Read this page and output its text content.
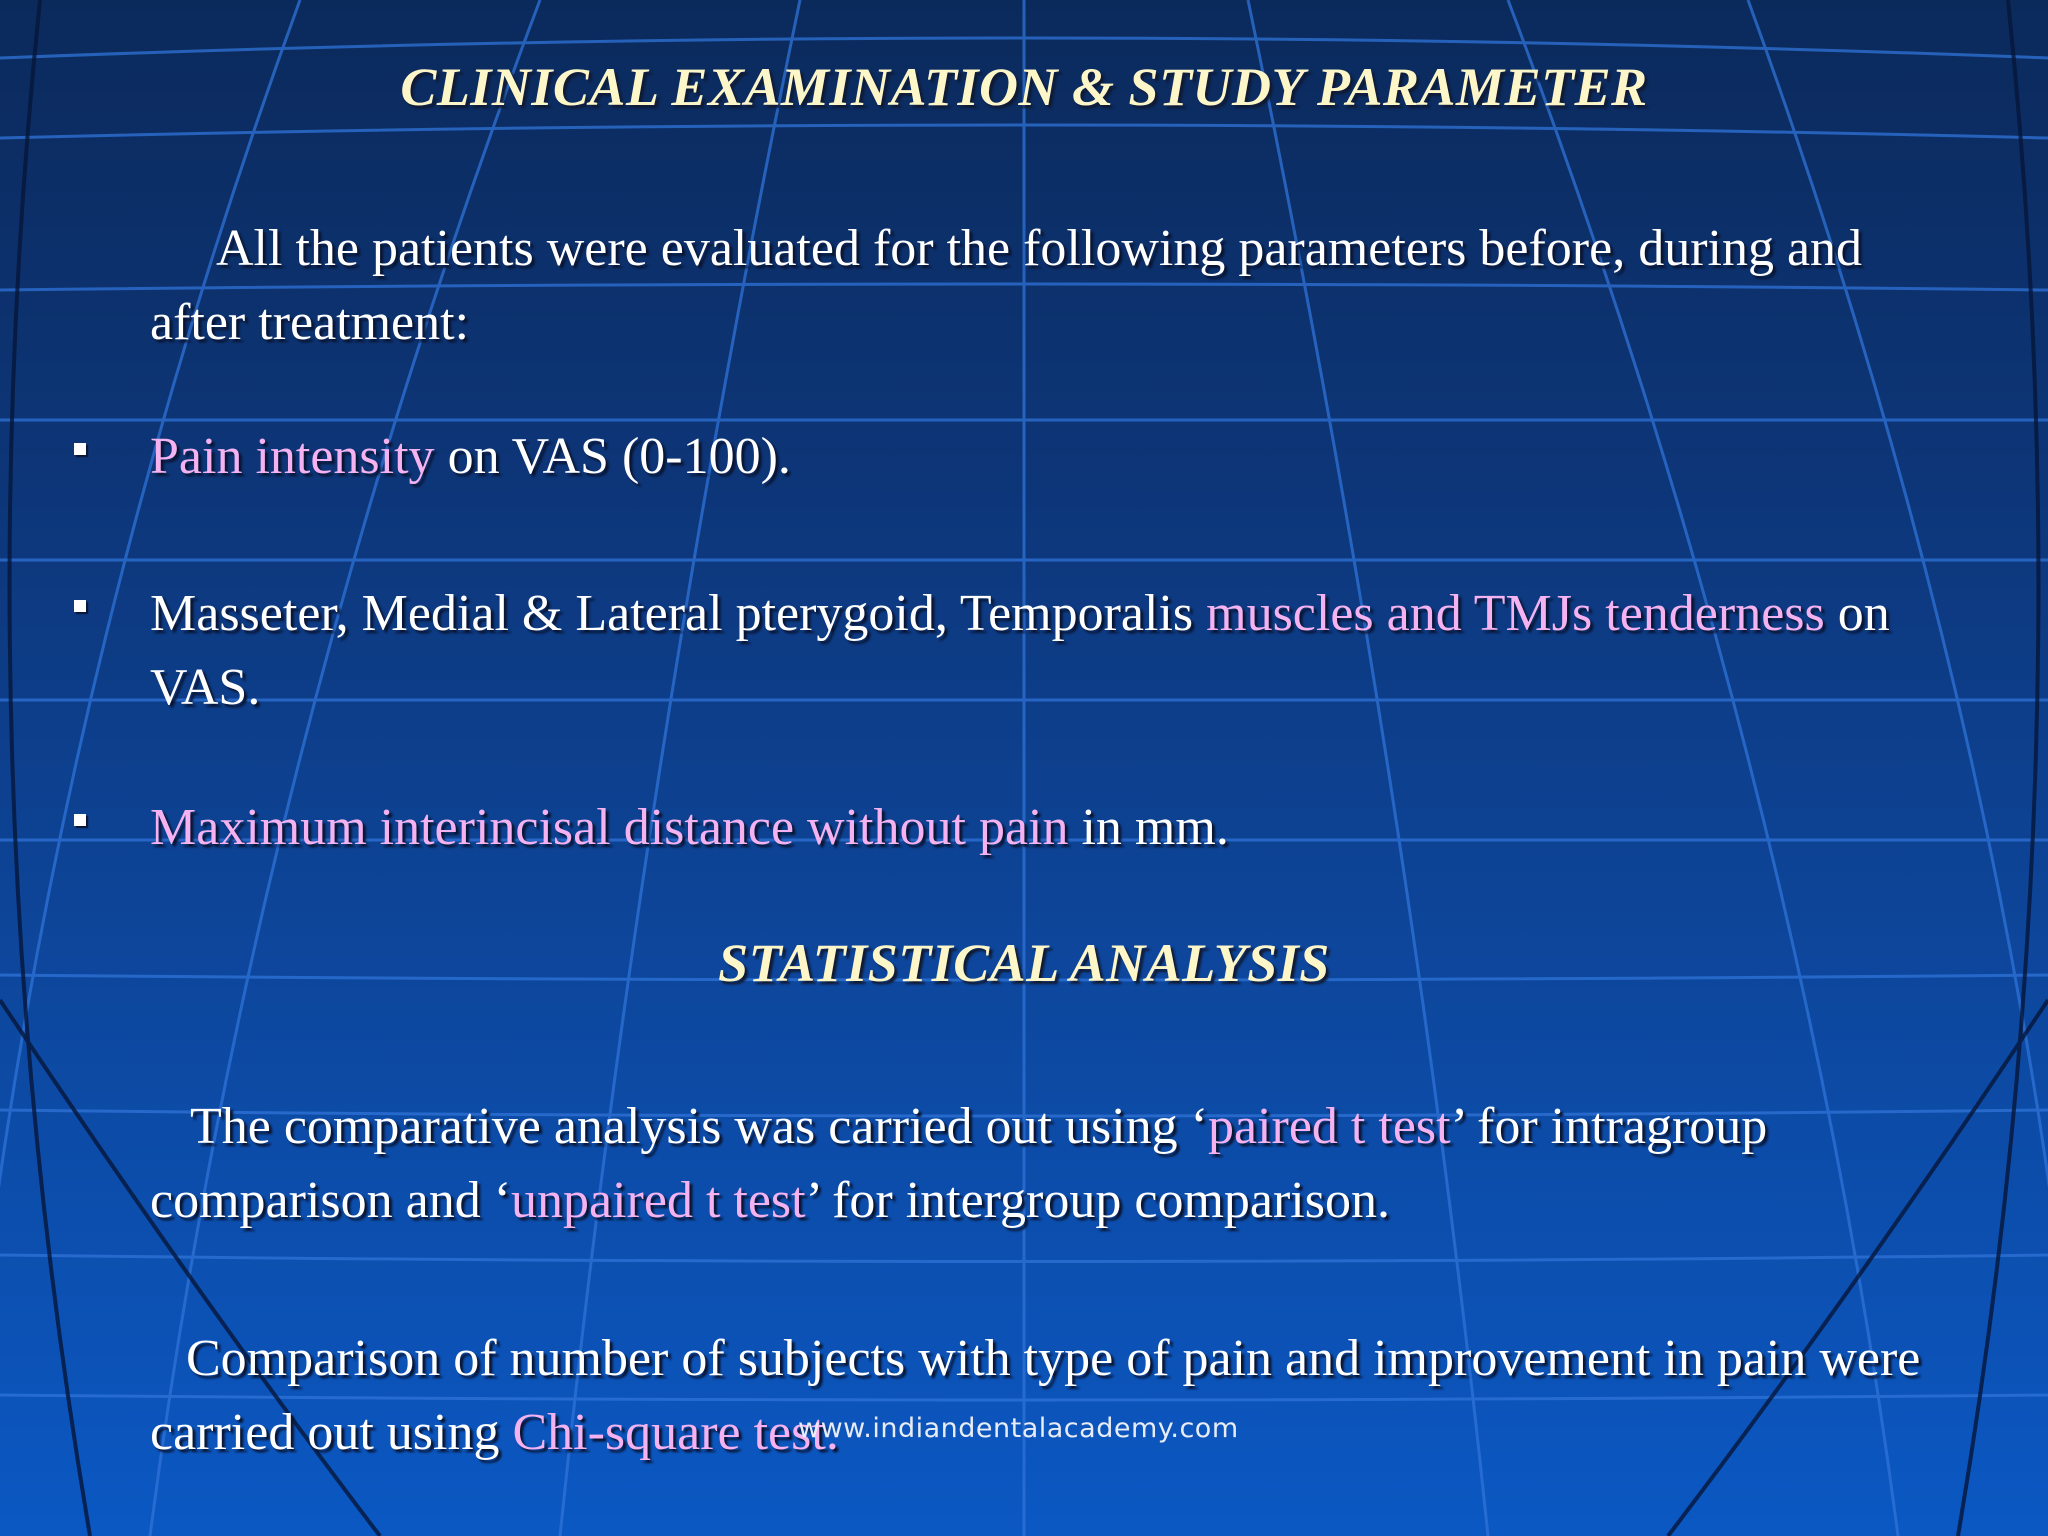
CLINICAL EXAMINATION & STUDY PARAMETER
All the patients were evaluated for the following parameters before, during and after treatment:
Pain intensity on VAS (0-100).
Masseter, Medial & Lateral pterygoid, Temporalis muscles and TMJs tenderness on VAS.
Maximum interincisal distance without pain in mm.
STATISTICAL ANALYSIS
The comparative analysis was carried out using ‘paired t test’ for intragroup comparison and ‘unpaired t test’ for intergroup comparison.
Comparison of number of subjects with type of pain and improvement in pain were carried out using Chi-square test.
www.indiandentalacademy.com
